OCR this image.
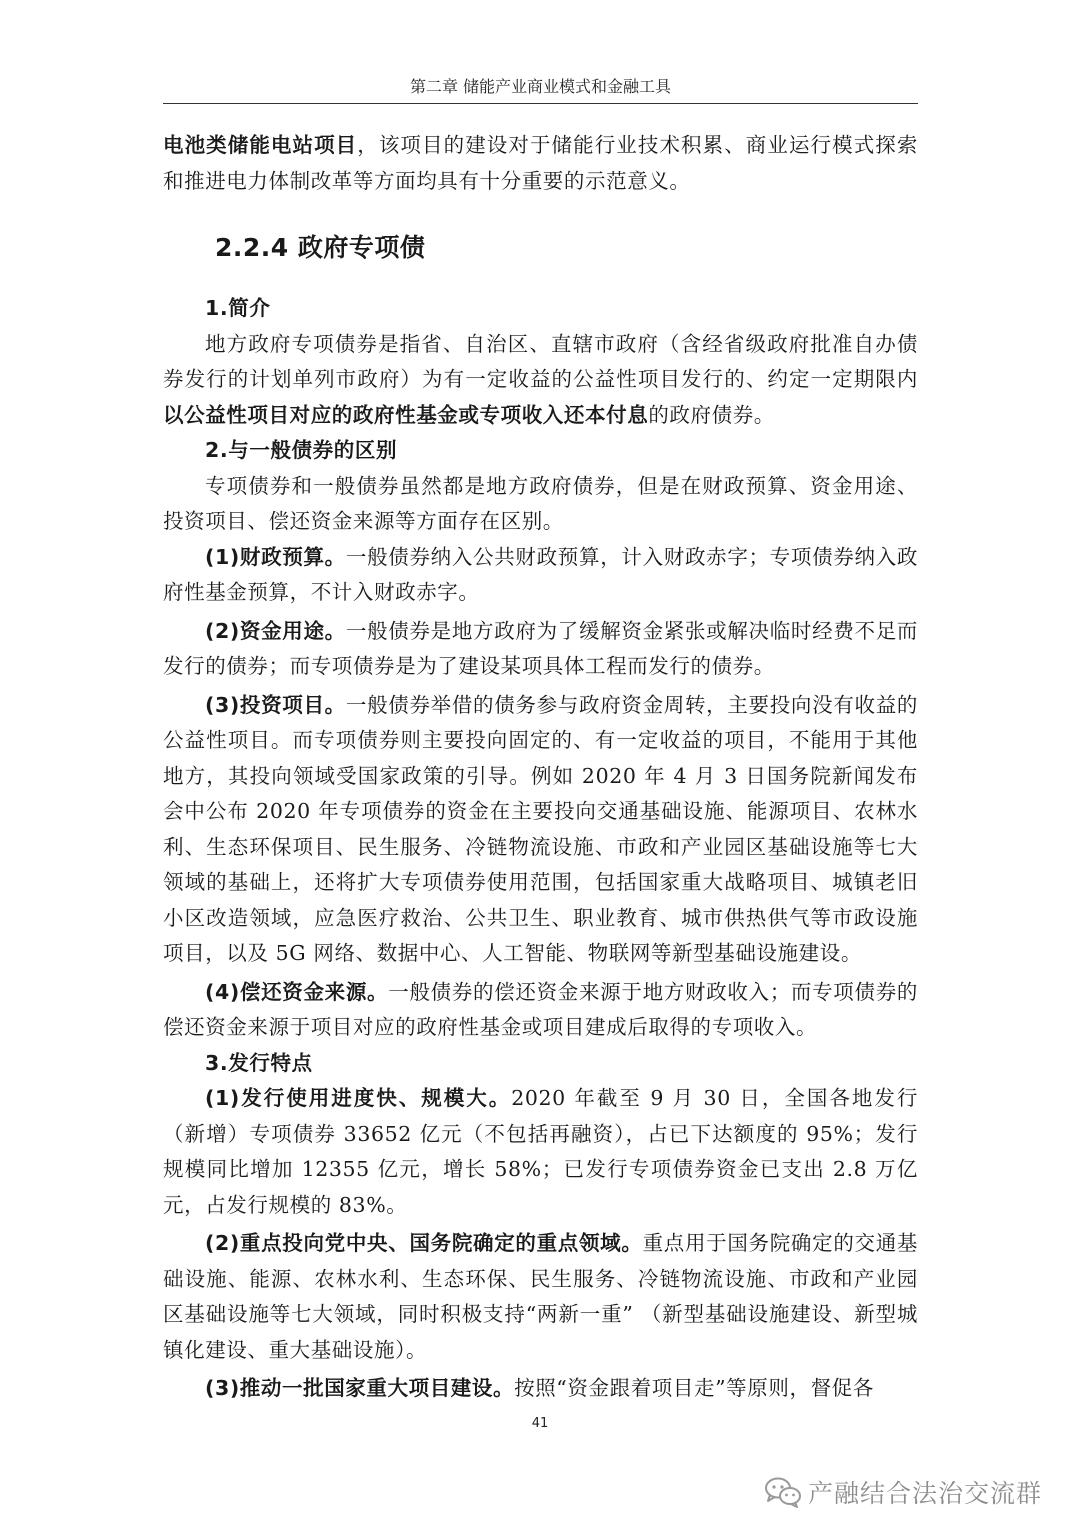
第二章 储能产业商业模式和金融工具

电池类储能电站项目，该项目的建设对于储能行业技术积累、商业运行模式探索和推进电力体制改革等方面均具有十分重要的示范意义。

2.2.4 政府专项债
1.简介

地方政府专项债券是指省、自治区、直辖市政府（含经省级政府批准自办债券发行的计划单列市政府）为有一定收益的公益性项目发行的、约定一定期限内以公益性项目对应的政府性基金或专项收入还本付息的政府债券。

2.与一般债券的区别

专项债券和一般债券虽然都是地方政府债券，但是在财政预算、资金用途、投资项目、偿还资金来源等方面存在区别。

(1)财政预算。一般债券纳入公共财政预算，计入财政赤字；专项债券纳入政府性基金预算，不计入财政赤字。

(2)资金用途。一般债券是地方政府为了缓解资金紧张或解决临时经费不足而发行的债券；而专项债券是为了建设某项具体工程而发行的债券。

(3)投资项目。一般债券举借的债务参与政府资金周转，主要投向没有收益的公益性项目。而专项债券则主要投向固定的、有一定收益的项目，不能用于其他地方，其投向领域受国家政策的引导。例如 2020 年 4 月 3 日国务院新闻发布会中公布 2020 年专项债券的资金在主要投向交通基础设施、能源项目、农林水利、生态环保项目、民生服务、冷链物流设施、市政和产业园区基础设施等七大领域的基础上，还将扩大专项债券使用范围，包括国家重大战略项目、城镇老旧小区改造领域，应急医疗救治、公共卫生、职业教育、城市供热供气等市政设施项目，以及 5G 网络、数据中心、人工智能、物联网等新型基础设施建设。

(4)偿还资金来源。一般债券的偿还资金来源于地方财政收入；而专项债券的偿还资金来源于项目对应的政府性基金或项目建成后取得的专项收入。

3.发行特点

(1)发行使用进度快、规模大。2020 年截至 9 月 30 日，全国各地发行（新增）专项债券 33652 亿元（不包括再融资），占已下达额度的 95%；发行规模同比增加 12355 亿元，增长 58%；已发行专项债券资金已支出 2.8 万亿元，占发行规模的 83%。

(2)重点投向党中央、国务院确定的重点领域。重点用于国务院确定的交通基础设施、能源、农林水利、生态环保、民生服务、冷链物流设施、市政和产业园区基础设施等七大领域，同时积极支持“两新一重” （新型基础设施建设、新型城镇化建设、重大基础设施）。

(3)推动一批国家重大项目建设。按照“资金跟着项目走”等原则，督促各

41
产融结合法治交流群
